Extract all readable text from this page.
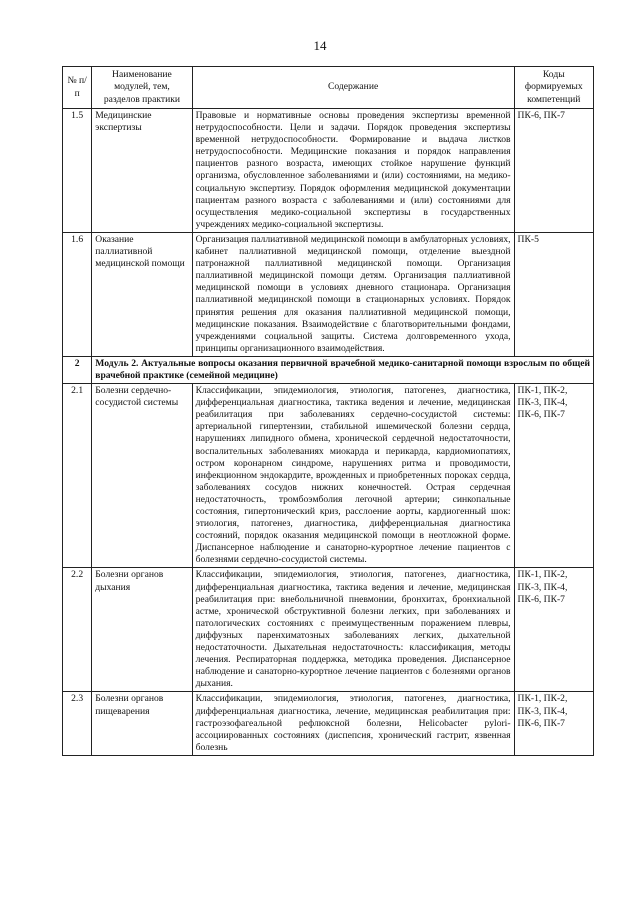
14
№ п/п	Наименование модулей, тем, разделов практики	Содержание	Коды формируемых компетенций
1.5	Медицинские экспертизы	Правовые и нормативные основы проведения экспертизы временной нетрудоспособности. Цели и задачи. Порядок проведения экспертизы временной нетрудоспособности. Формирование и выдача листков нетрудоспособности. Медицинские показания и порядок направления пациентов разного возраста, имеющих стойкое нарушение функций организма, обусловленное заболеваниями и (или) состояниями, на медико-социальную экспертизу. Порядок оформления медицинской документации пациентам разного возраста с заболеваниями и (или) состояниями для осуществления медико-социальной экспертизы в государственных учреждениях медико-социальной экспертизы.	ПК-6, ПК-7
1.6	Оказание паллиативной медицинской помощи	Организация паллиативной медицинской помощи в амбулаторных условиях, кабинет паллиативной медицинской помощи, отделение выездной патронажной паллиативной медицинской помощи. Организация паллиативной медицинской помощи детям. Организация паллиативной медицинской помощи в условиях дневного стационара. Организация паллиативной медицинской помощи в стационарных условиях. Порядок принятия решения для оказания паллиативной медицинской помощи, медицинские показания. Взаимодействие с благотворительными фондами, учреждениями социальной защиты. Система долговременного ухода, принципы организационного взаимодействия.	ПК-5
2	Модуль 2. Актуальные вопросы оказания первичной врачебной медико-санитарной помощи взрослым по общей врачебной практике (семейной медицине)		
2.1	Болезни сердечно-сосудистой системы	Классификации, эпидемиология, этиология, патогенез, диагностика, дифференциальная диагностика, тактика ведения и лечение, медицинская реабилитация при заболеваниях сердечно-сосудистой системы: артериальной гипертензии, стабильной ишемической болезни сердца, нарушениях липидного обмена, хронической сердечной недостаточности, воспалительных заболеваниях миокарда и перикарда, кардиомиопатиях, остром коронарном синдроме, нарушениях ритма и проводимости, инфекционном эндокардите, врожденных и приобретенных пороках сердца, заболеваниях сосудов нижних конечностей. Острая сердечная недостаточность, тромбоэмболия легочной артерии; синкопальные состояния, гипертонический криз, расслоение аорты, кардиогенный шок: этиология, патогенез, диагностика, дифференциальная диагностика состояний, порядок оказания медицинской помощи в неотложной форме. Диспансерное наблюдение и санаторно-курортное лечение пациентов с болезнями сердечно-сосудистой системы.	ПК-1, ПК-2, ПК-3, ПК-4, ПК-6, ПК-7
2.2	Болезни органов дыхания	Классификации, эпидемиология, этиология, патогенез, диагностика, дифференциальная диагностика, тактика ведения и лечение, медицинская реабилитация при: внебольничной пневмонии, бронхитах, бронхиальной астме, хронической обструктивной болезни легких, при заболеваниях и патологических состояниях с преимущественным поражением плевры, диффузных паренхиматозных заболеваниях легких, дыхательной недостаточности. Дыхательная недостаточность: классификация, методы лечения. Респираторная поддержка, методика проведения. Диспансерное наблюдение и санаторно-курортное лечение пациентов с болезнями органов дыхания.	ПК-1, ПК-2, ПК-3, ПК-4, ПК-6, ПК-7
2.3	Болезни органов пищеварения	Классификации, эпидемиология, этиология, патогенез, диагностика, дифференциальная диагностика, лечение, медицинская реабилитация при: гастроэзофагеальной рефлюксной болезни, Helicobacter pylori-ассоциированных состояниях (диспепсия, хронический гастрит, язвенная болезнь	ПК-1, ПК-2, ПК-3, ПК-4, ПК-6, ПК-7
